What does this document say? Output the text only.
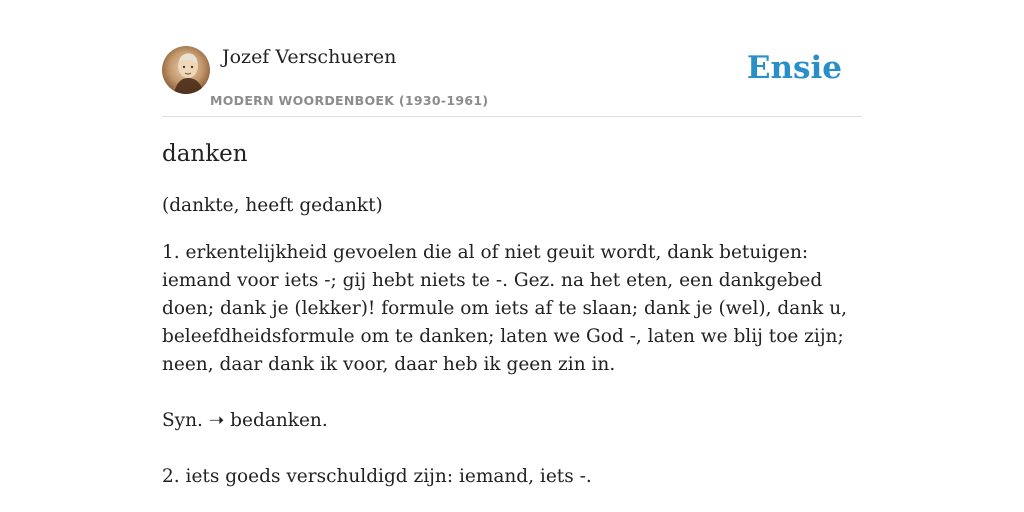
Jozef Verschueren
MODERN WOORDENBOEK (1930-1961)
Ensie
danken
(dankte, heeft gedankt)

1. erkentelijkheid gevoelen die al of niet geuit wordt, dank betuigen: iemand voor iets -; gij hebt niets te -. Gez. na het eten, een dankgebed doen; dank je (lekker)! formule om iets af te slaan; dank je (wel), dank u, beleefdheidsformule om te danken; laten we God -, laten we blij toe zijn; neen, daar dank ik voor, daar heb ik geen zin in.

Syn. ➝ bedanken.

2. iets goeds verschuldigd zijn: iemand, iets -.
